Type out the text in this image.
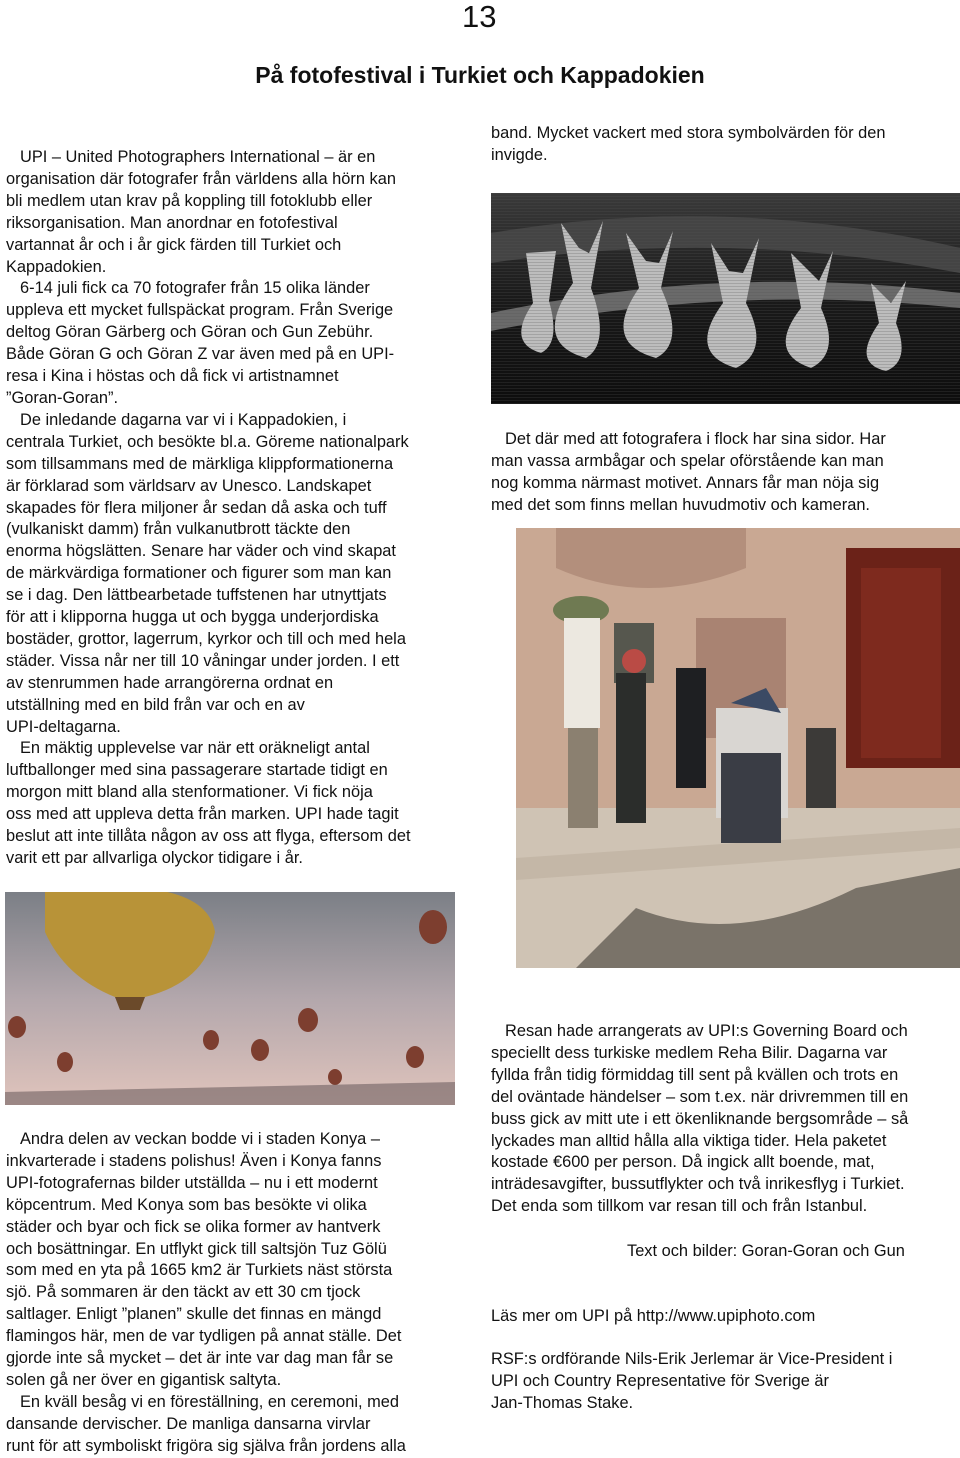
13
På fotofestival i Turkiet och Kappadokien

UPI – United Photographers International – är en

organisation där fotografer från världens alla hörn kan

bli medlem utan krav på koppling till fotoklubb eller

riksorganisation. Man anordnar en fotofestival

vartannat år och i år gick färden till Turkiet och

Kappadokien.

6-14 juli fick ca 70 fotografer från 15 olika länder

uppleva ett mycket fullspäckat program. Från Sverige

deltog Göran Gärberg och Göran och Gun Zebühr.

Både Göran G och Göran Z var även med på en UPI-

resa i Kina i höstas och då fick vi artistnamnet

”Goran-Goran”.

De inledande dagarna var vi i Kappadokien, i

centrala Turkiet, och besökte bl.a. Göreme nationalpark

som tillsammans med de märkliga klippformationerna

är förklarad som världsarv av Unesco. Landskapet

skapades för flera miljoner år sedan då aska och tuff

(vulkaniskt damm) från vulkanutbrott täckte den

enorma högslätten. Senare har väder och vind skapat

de märkvärdiga formationer och figurer som man kan

se i dag. Den lättbearbetade tuffstenen har utnyttjats

för att i klipporna hugga ut och bygga underjordiska

bostäder, grottor, lagerrum, kyrkor och till och med hela

städer. Vissa når ner till 10 våningar under jorden. I ett

av stenrummen hade arrangörerna ordnat en

utställning med en bild från var och en av

UPI-deltagarna.

En mäktig upplevelse var när ett oräkneligt antal

luftballonger med sina passagerare startade tidigt en

morgon mitt bland alla stenformationer. Vi fick nöja

oss med att uppleva detta från marken. UPI hade tagit

beslut att inte tillåta någon av oss att flyga, eftersom det

varit ett par allvarliga olyckor tidigare i år.

band. Mycket vackert med stora symbolvärden för den

invigde.

Det där med att fotografera i flock har sina sidor. Har

man vassa armbågar och spelar oförstående kan man

nog komma närmast motivet. Annars får man nöja sig

med det som finns mellan huvudmotiv och kameran.

Andra delen av veckan bodde vi i staden Konya –

inkvarterade i stadens polishus! Även i Konya fanns

UPI-fotografernas bilder utställda – nu i ett modernt

köpcentrum. Med Konya som bas besökte vi olika

städer och byar och fick se olika former av hantverk

och bosättningar. En utflykt gick till saltsjön Tuz Gölü

som med en yta på 1665 km2 är Turkiets näst största

sjö. På sommaren är den täckt av ett 30 cm tjock

saltlager. Enligt ”planen” skulle det finnas en mängd

flamingos här, men de var tydligen på annat ställe. Det

gjorde inte så mycket – det är inte var dag man får se

solen gå ner över en gigantisk saltyta.

En kväll besåg vi en föreställning, en ceremoni, med

dansande dervischer. De manliga dansarna virvlar

runt för att symboliskt frigöra sig själva från jordens alla

Resan hade arrangerats av UPI:s Governing Board och

speciellt dess turkiske medlem Reha Bilir. Dagarna var

fyllda från tidig förmiddag till sent på kvällen och trots en

del oväntade händelser – som t.ex. när drivremmen till en

buss gick av mitt ute i ett ökenliknande bergsområde – så

lyckades man alltid hålla alla viktiga tider. Hela paketet

kostade €600 per person. Då ingick allt boende, mat,

inträdesavgifter, bussutflykter och två inrikesflyg i Turkiet.

Det enda som tillkom var resan till och från Istanbul.

Text och bilder: Goran-Goran och Gun
Läs mer om UPI på http://www.upiphoto.com

RSF:s ordförande Nils-Erik Jerlemar är Vice-President i

UPI och Country Representative för Sverige är

Jan-Thomas Stake.
